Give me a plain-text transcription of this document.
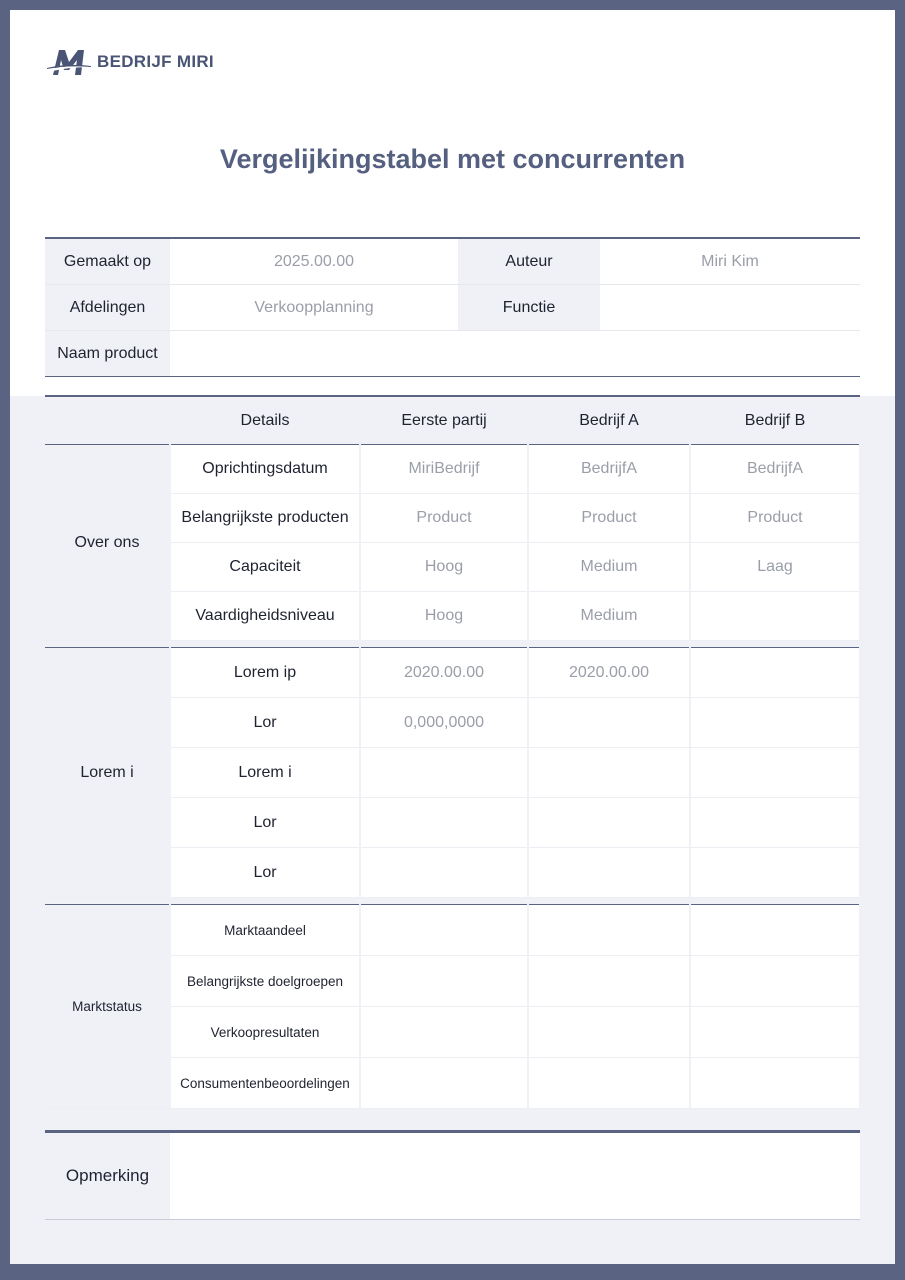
BEDRIJF MIRI
Vergelijkingstabel met concurrenten
Gemaakt op	2025.00.00	Auteur	Miri Kim
Afdelingen	Verkoopplanning	Functie	
Naam product			
	Details	Eerste partij	Bedrijf A	Bedrijf B
Over ons	Oprichtingsdatum	MiriBedrijf	BedrijfA	BedrijfA
	Belangrijkste producten	Product	Product	Product
	Capaciteit	Hoog	Medium	Laag
	Vaardigheidsniveau	Hoog	Medium	

Lorem i	Lorem ip	2020.00.00	2020.00.00	
	Lor	0,000,0000		
	Lorem i			
	Lor			
	Lor			

Marktstatus	Marktaandeel			
	Belangrijkste doelgroepen			
	Verkoopresultaten			
	Consumentenbeoordelingen			
Opmerking	
